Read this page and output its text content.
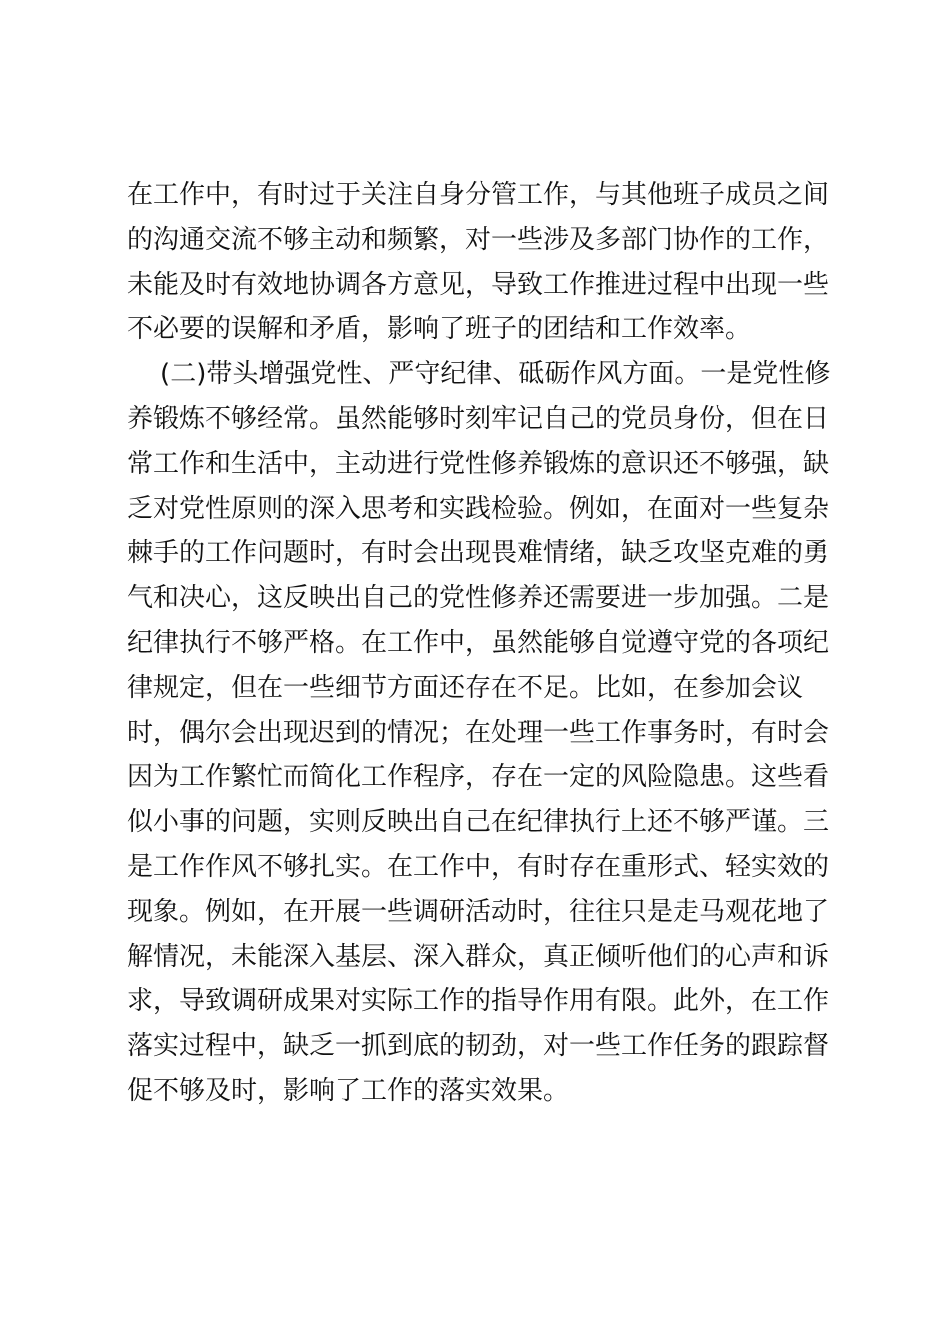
在工作中，有时过于关注自身分管工作，与其他班子成员之间
的沟通交流不够主动和频繁，对一些涉及多部门协作的工作，
未能及时有效地协调各方意见，导致工作推进过程中出现一些
不必要的误解和矛盾，影响了班子的团结和工作效率。
(二)带头增强党性、严守纪律、砥砺作风方面。一是党性修
养锻炼不够经常。虽然能够时刻牢记自己的党员身份，但在日
常工作和生活中，主动进行党性修养锻炼的意识还不够强，缺
乏对党性原则的深入思考和实践检验。例如，在面对一些复杂
棘手的工作问题时，有时会出现畏难情绪，缺乏攻坚克难的勇
气和决心，这反映出自己的党性修养还需要进一步加强。二是
纪律执行不够严格。在工作中，虽然能够自觉遵守党的各项纪
律规定，但在一些细节方面还存在不足。比如，在参加会议
时，偶尔会出现迟到的情况；在处理一些工作事务时，有时会
因为工作繁忙而简化工作程序，存在一定的风险隐患。这些看
似小事的问题，实则反映出自己在纪律执行上还不够严谨。三
是工作作风不够扎实。在工作中，有时存在重形式、轻实效的
现象。例如，在开展一些调研活动时，往往只是走马观花地了
解情况，未能深入基层、深入群众，真正倾听他们的心声和诉
求，导致调研成果对实际工作的指导作用有限。此外，在工作
落实过程中，缺乏一抓到底的韧劲，对一些工作任务的跟踪督
促不够及时，影响了工作的落实效果。
